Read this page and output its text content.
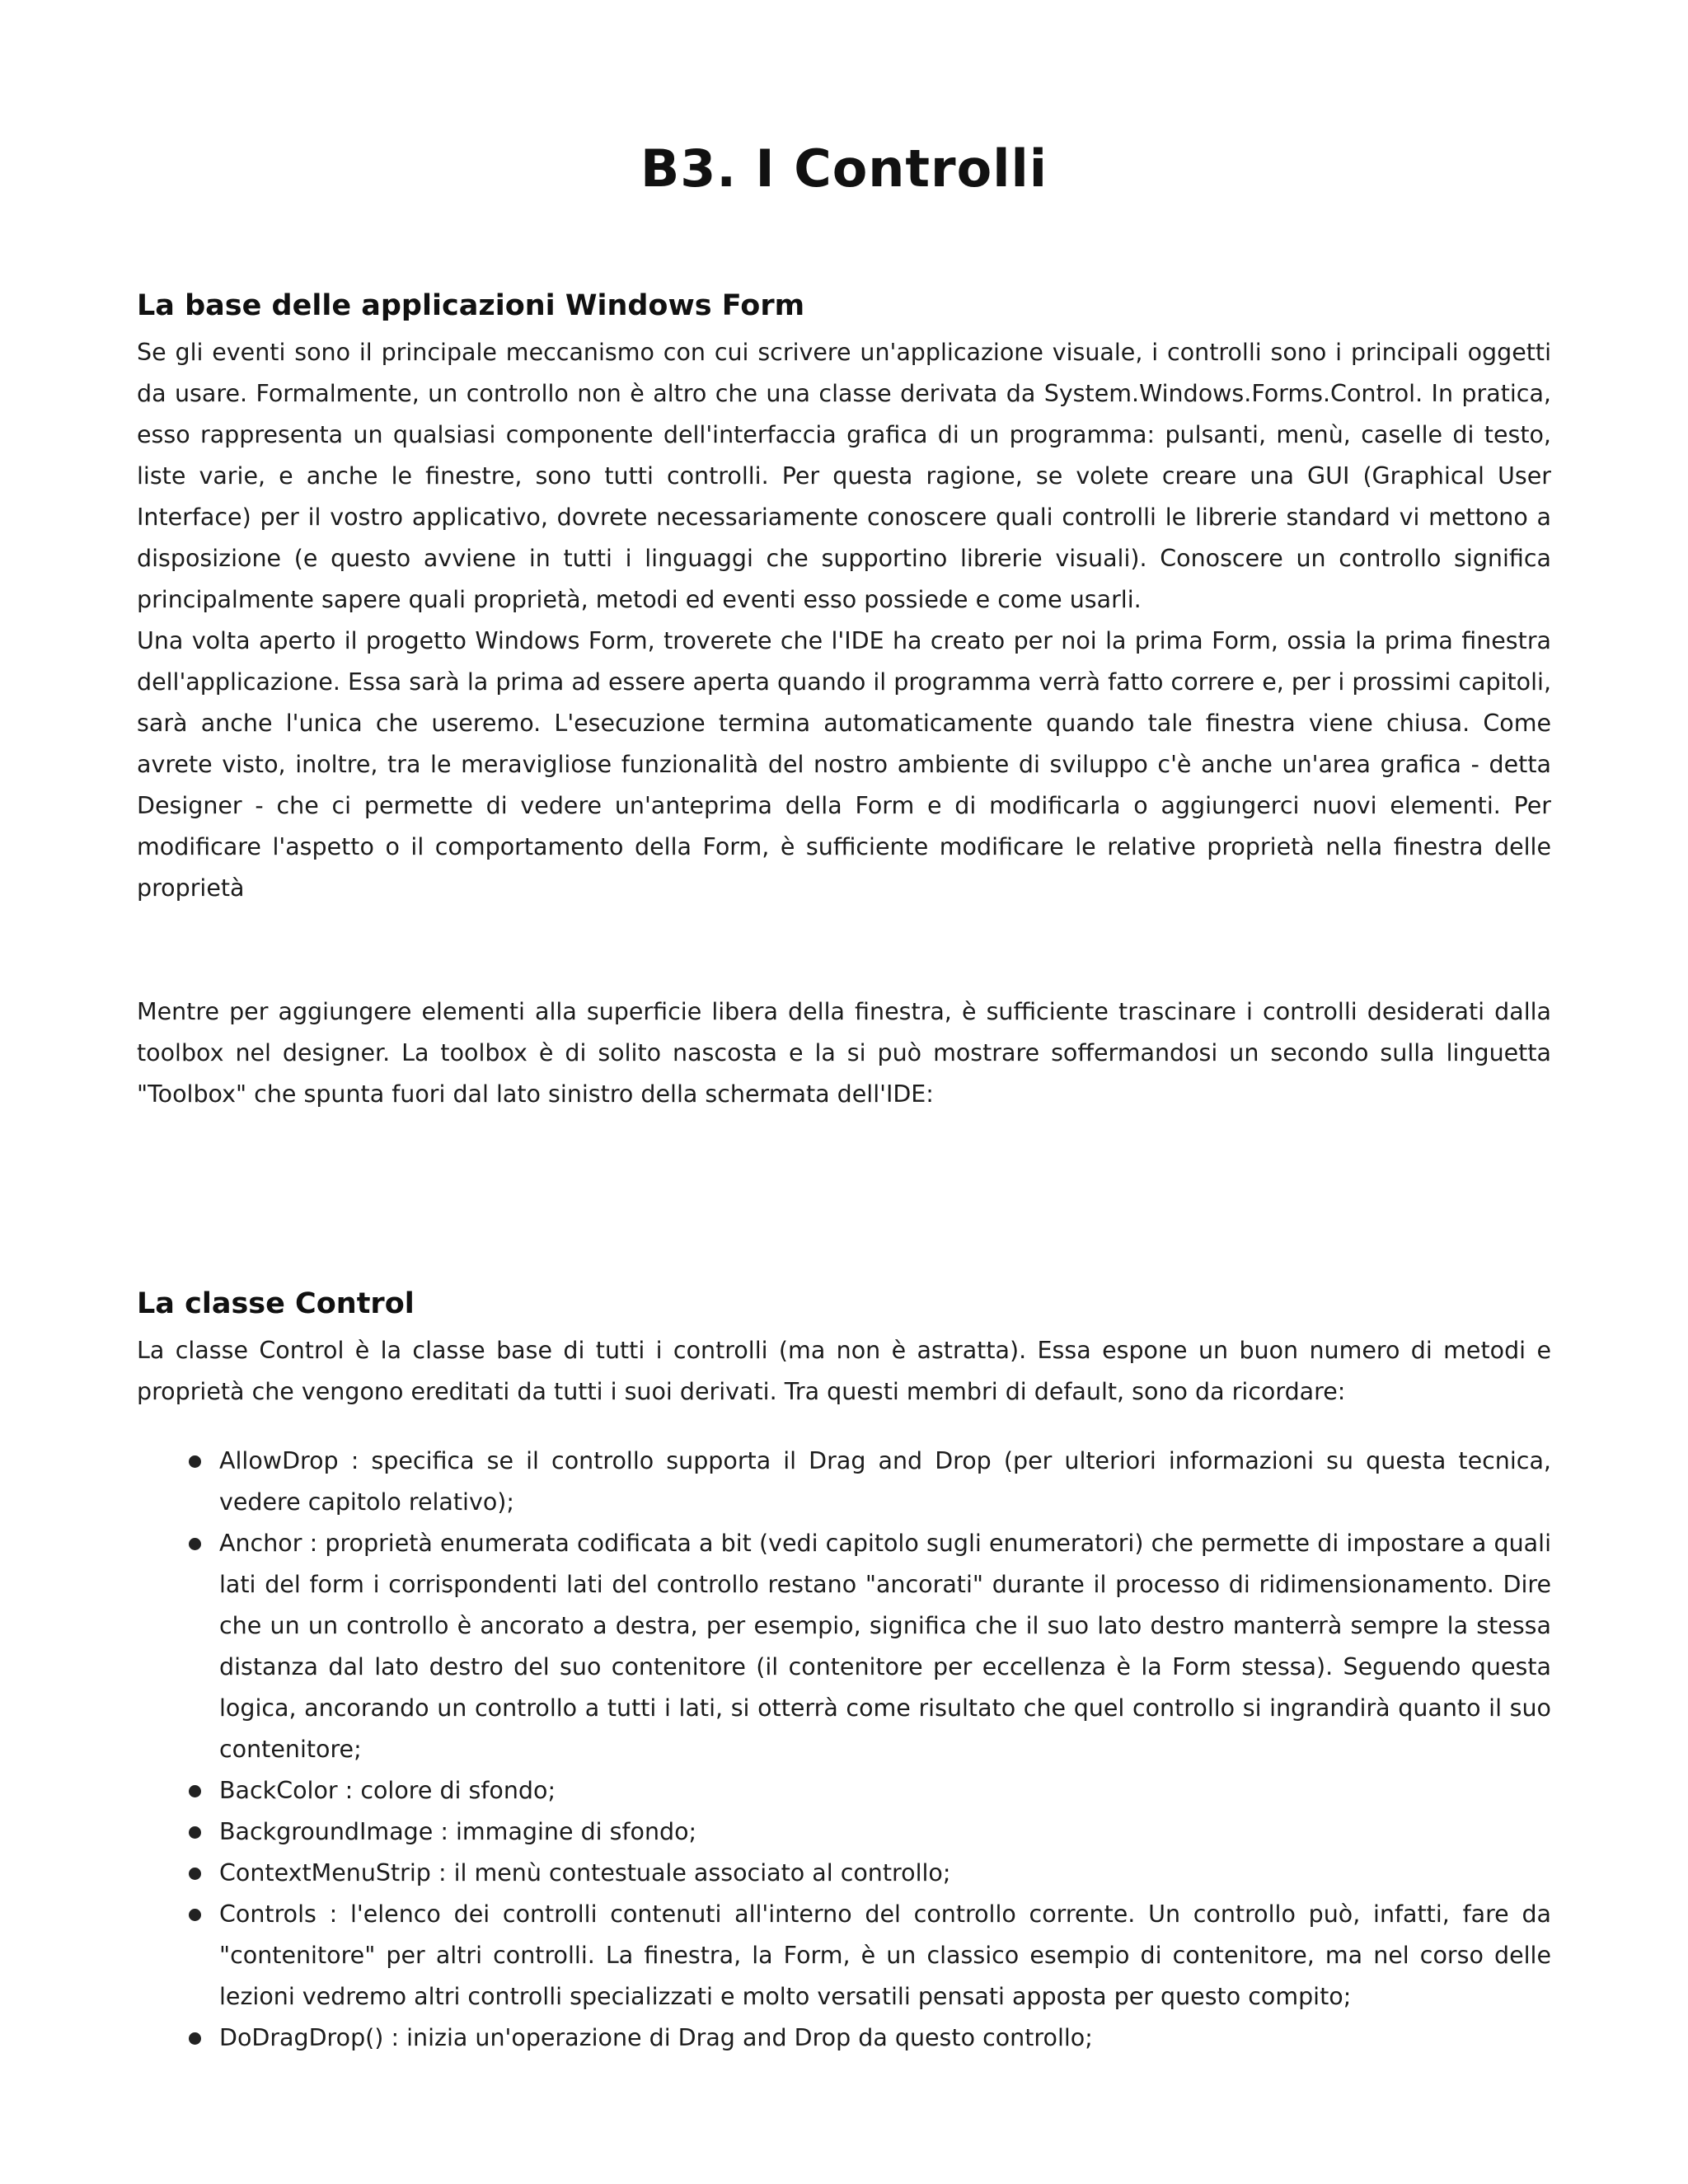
B3. I Controlli
La base delle applicazioni Windows Form

Se gli eventi sono il principale meccanismo con cui scrivere un'applicazione visuale, i controlli sono i principali oggetti da usare. Formalmente, un controllo non è altro che una classe derivata da System.Windows.Forms.Control. In pratica, esso rappresenta un qualsiasi componente dell'interfaccia grafica di un programma: pulsanti, menù, caselle di testo, liste varie, e anche le finestre, sono tutti controlli. Per questa ragione, se volete creare una GUI (Graphical User Interface) per il vostro applicativo, dovrete necessariamente conoscere quali controlli le librerie standard vi mettono a disposizione (e questo avviene in tutti i linguaggi che supportino librerie visuali). Conoscere un controllo significa principalmente sapere quali proprietà, metodi ed eventi esso possiede e come usarli.

Una volta aperto il progetto Windows Form, troverete che l'IDE ha creato per noi la prima Form, ossia la prima finestra dell'applicazione. Essa sarà la prima ad essere aperta quando il programma verrà fatto correre e, per i prossimi capitoli, sarà anche l'unica che useremo. L'esecuzione termina automaticamente quando tale finestra viene chiusa. Come avrete visto, inoltre, tra le meravigliose funzionalità del nostro ambiente di sviluppo c'è anche un'area grafica - detta Designer - che ci permette di vedere un'anteprima della Form e di modificarla o aggiungerci nuovi elementi. Per modificare l'aspetto o il comportamento della Form, è sufficiente modificare le relative proprietà nella finestra delle proprietà

Mentre per aggiungere elementi alla superficie libera della finestra, è sufficiente trascinare i controlli desiderati dalla toolbox nel designer. La toolbox è di solito nascosta e la si può mostrare soffermandosi un secondo sulla linguetta "Toolbox" che spunta fuori dal lato sinistro della schermata dell'IDE:

La classe Control

La classe Control è la classe base di tutti i controlli (ma non è astratta). Essa espone un buon numero di metodi e proprietà che vengono ereditati da tutti i suoi derivati. Tra questi membri di default, sono da ricordare:

AllowDrop : specifica se il controllo supporta il Drag and Drop (per ulteriori informazioni su questa tecnica, vedere capitolo relativo);
Anchor : proprietà enumerata codificata a bit (vedi capitolo sugli enumeratori) che permette di impostare a quali lati del form i corrispondenti lati del controllo restano "ancorati" durante il processo di ridimensionamento. Dire che un un controllo è ancorato a destra, per esempio, significa che il suo lato destro manterrà sempre la stessa distanza dal lato destro del suo contenitore (il contenitore per eccellenza è la Form stessa). Seguendo questa logica, ancorando un controllo a tutti i lati, si otterrà come risultato che quel controllo si ingrandirà quanto il suo contenitore;
BackColor : colore di sfondo;
BackgroundImage : immagine di sfondo;
ContextMenuStrip : il menù contestuale associato al controllo;
Controls : l'elenco dei controlli contenuti all'interno del controllo corrente. Un controllo può, infatti, fare da "contenitore" per altri controlli. La finestra, la Form, è un classico esempio di contenitore, ma nel corso delle lezioni vedremo altri controlli specializzati e molto versatili pensati apposta per questo compito;
DoDragDrop() : inizia un'operazione di Drag and Drop da questo controllo;
